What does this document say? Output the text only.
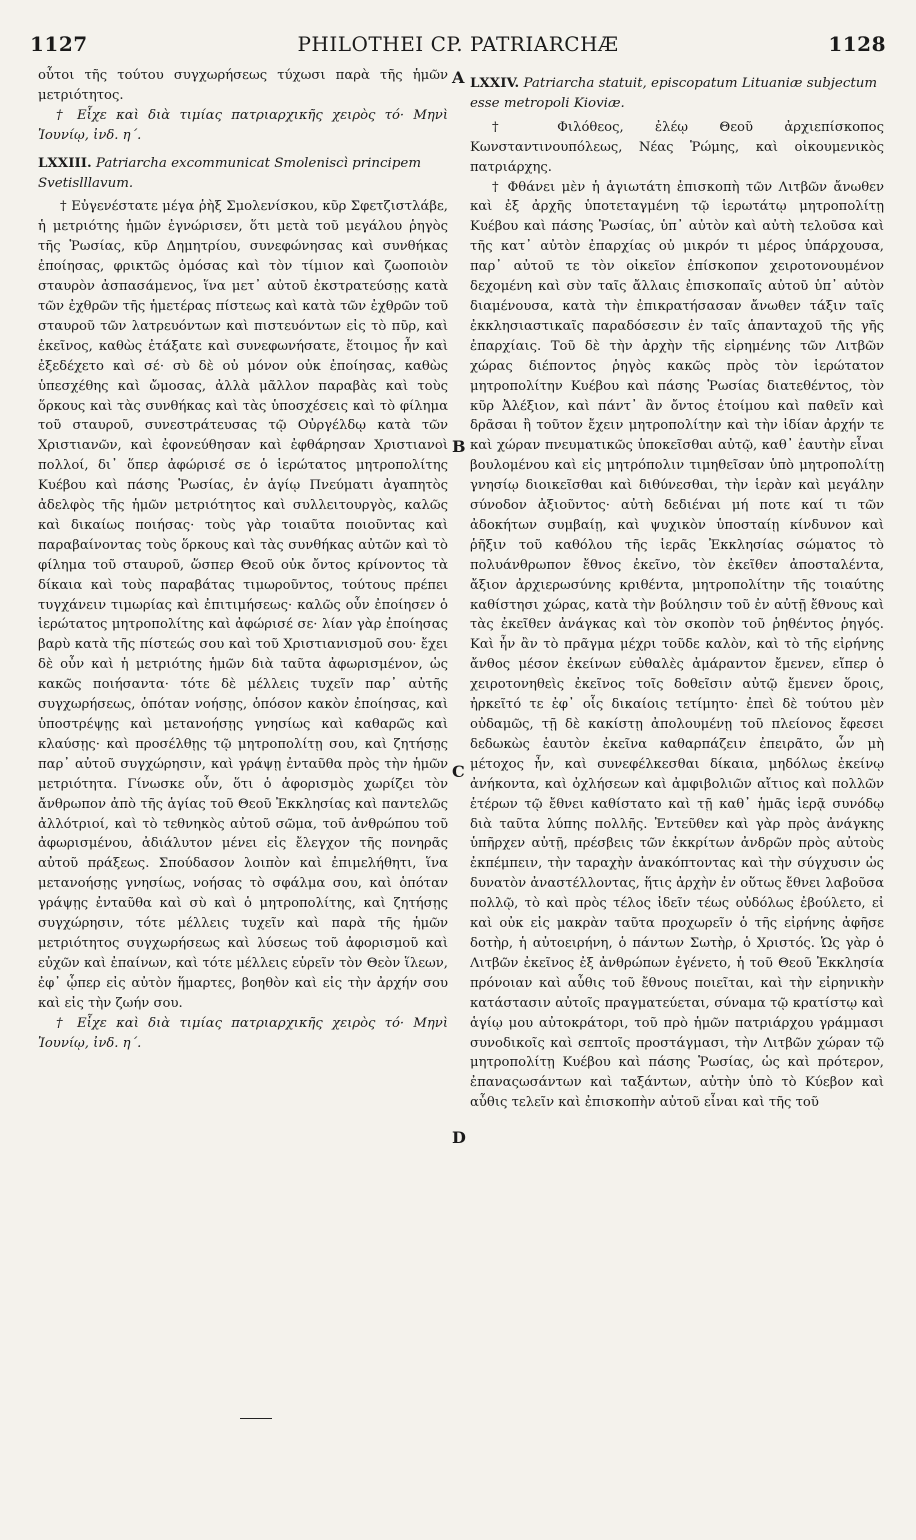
1127	PHILOTHEI CP. PATRIARCHÆ	1128

οὗτοι τῆς τούτου συγχωρήσεως τύχωσι παρὰ τῆς ἡμῶν μετριότητος.

† Εἶχε καὶ διὰ τιμίας πατριαρχικῆς χειρὸς τό· Μηνὶ Ἰουνίῳ, ἰνδ. η΄.

LXXIII. Patriarcha excommunicat Smoleniscì principem Svetislllavum.

† Εὐγενέστατε μέγα ῥὴξ Σμολενίσκου, κῦρ Σφετζιστλάβε, ἡ μετριότης ἡμῶν ἐγνώρισεν, ὅτι μετὰ τοῦ μεγάλου ῥηγὸς τῆς Ῥωσίας, κῦρ Δημητρίου, συνεφώνησας καὶ συνθήκας ἐποίησας, φρικτῶς ὀμόσας καὶ τὸν τίμιον καὶ ζωοποιὸν σταυρὸν ἀσπασάμενος, ἵνα μετ᾽ αὐτοῦ ἐκστρατεύσῃς κατὰ τῶν ἐχθρῶν τῆς ἡμετέρας πίστεως καὶ κατὰ τῶν ἐχθρῶν τοῦ σταυροῦ τῶν λατρευόντων καὶ πιστευόντων εἰς τὸ πῦρ, καὶ ἐκεῖνος, καθὼς ἐτάξατε καὶ συνεφωνήσατε, ἕτοιμος ἦν καὶ ἐξεδέχετο καὶ σέ· σὺ δὲ οὐ μόνον οὐκ ἐποίησας, καθὼς ὑπεσχέθης καὶ ὤμοσας, ἀλλὰ μᾶλλον παραβὰς καὶ τοὺς ὅρκους καὶ τὰς συνθήκας καὶ τὰς ὑποσχέσεις καὶ τὸ φίλημα τοῦ σταυροῦ, συνεστράτευσας τῷ Οὐργέλδῳ κατὰ τῶν Χριστιανῶν, καὶ ἐφονεύθησαν καὶ ἐφθάρησαν Χριστιανοὶ πολλοί, δι᾽ ὅπερ ἀφώρισέ σε ὁ ἱερώτατος μητροπολίτης Κυέβου καὶ πάσης Ῥωσίας, ἐν ἁγίῳ Πνεύματι ἀγαπητὸς ἀδελφὸς τῆς ἡμῶν μετριότητος καὶ συλλειτουργὸς, καλῶς καὶ δικαίως ποιήσας· τοὺς γὰρ τοιαῦτα ποιοῦντας καὶ παραβαίνοντας τοὺς ὅρκους καὶ τὰς συνθήκας αὐτῶν καὶ τὸ φίλημα τοῦ σταυροῦ, ὥσπερ Θεοῦ οὐκ ὄντος κρίνοντος τὰ δίκαια καὶ τοὺς παραβάτας τιμωροῦντος, τούτους πρέπει τυγχάνειν τιμωρίας καὶ ἐπιτιμήσεως· καλῶς οὖν ἐποίησεν ὁ ἱερώτατος μητροπολίτης καὶ ἀφώρισέ σε· λίαν γὰρ ἐποίησας βαρὺ κατὰ τῆς πίστεώς σου καὶ τοῦ Χριστιανισμοῦ σου· ἔχει δὲ οὖν καὶ ἡ μετριότης ἡμῶν διὰ ταῦτα ἀφωρισμένον, ὡς κακῶς ποιήσαντα· τότε δὲ μέλλεις τυχεῖν παρ᾽ αὐτῆς συγχωρήσεως, ὁπόταν νοήσῃς, ὁπόσον κακὸν ἐποίησας, καὶ ὑποστρέψῃς καὶ μετανοήσῃς γνησίως καὶ καθαρῶς καὶ κλαύσῃς· καὶ προσέλθῃς τῷ μητροπολίτῃ σου, καὶ ζητήσῃς παρ᾽ αὐτοῦ συγχώρησιν, καὶ γράψῃ ἐνταῦθα πρὸς τὴν ἡμῶν μετριότητα. Γίνωσκε οὖν, ὅτι ὁ ἀφορισμὸς χωρίζει τὸν ἄνθρωπον ἀπὸ τῆς ἁγίας τοῦ Θεοῦ Ἐκκλησίας καὶ παντελῶς ἀλλότριοί, καὶ τὸ τεθνηκὸς αὐτοῦ σῶμα, τοῦ ἀνθρώπου τοῦ ἀφωρισμένου, ἀδιάλυτον μένει εἰς ἔλεγχον τῆς πονηρᾶς αὐτοῦ πράξεως. Σπούδασον λοιπὸν καὶ ἐπιμελήθητι, ἵνα μετανοήσῃς γνησίως, νοήσας τὸ σφάλμα σου, καὶ ὁπόταν γράψῃς ἐνταῦθα καὶ σὺ καὶ ὁ μητροπολίτης, καὶ ζητήσῃς συγχώρησιν, τότε μέλλεις τυχεῖν καὶ παρὰ τῆς ἡμῶν μετριότητος συγχωρήσεως καὶ λύσεως τοῦ ἀφορισμοῦ καὶ εὐχῶν καὶ ἐπαίνων, καὶ τότε μέλλεις εὑρεῖν τὸν Θεὸν ἵλεων, ἐφ᾽ ᾧπερ εἰς αὐτὸν ἥμαρτες, βοηθὸν καὶ εἰς τὴν ἀρχήν σου καὶ εἰς τὴν ζωήν σου.

† Εἶχε καὶ διὰ τιμίας πατριαρχικῆς χειρὸς τό· Μηνὶ Ἰουνίῳ, ἰνδ. η΄.

LXXIV. Patriarcha statuit, episcopatum Lituaniæ subjectum esse metropoli Kioviæ.

† Φιλόθεος, ἐλέῳ Θεοῦ ἀρχιεπίσκοπος Κωνσταντινουπόλεως, Νέας Ῥώμης, καὶ οἰκουμενικὸς πατριάρχης.

† Φθάνει μὲν ἡ ἁγιωτάτη ἐπισκοπὴ τῶν Λιτβῶν ἄνωθεν καὶ ἐξ ἀρχῆς ὑποτεταγμένη τῷ ἱερωτάτῳ μητροπολίτῃ Κυέβου καὶ πάσης Ῥωσίας, ὑπ᾽ αὐτὸν καὶ αὐτὴ τελοῦσα καὶ τῆς κατ᾽ αὐτὸν ἐπαρχίας οὐ μικρόν τι μέρος ὑπάρχουσα, παρ᾽ αὐτοῦ τε τὸν οἰκεῖον ἐπίσκοπον χειροτονουμένον δεχομένη καὶ σὺν ταῖς ἄλλαις ἐπισκοπαῖς αὐτοῦ ὑπ᾽ αὐτὸν διαμένουσα, κατὰ τὴν ἐπικρατήσασαν ἄνωθεν τάξιν ταῖς ἐκκλησιαστικαῖς παραδόσεσιν ἐν ταῖς ἁπανταχοῦ τῆς γῆς ἐπαρχίαις. Τοῦ δὲ τὴν ἀρχὴν τῆς εἰρημένης τῶν Λιτβῶν χώρας διέποντος ῥηγὸς κακῶς πρὸς τὸν ἱερώτατον μητροπολίτην Κυέβου καὶ πάσης Ῥωσίας διατεθέντος, τὸν κῦρ Ἀλέξιον, καὶ πάντ᾽ ἂν ὄντος ἑτοίμου καὶ παθεῖν καὶ δρᾶσαι ἢ τοῦτον ἔχειν μητροπολίτην καὶ τὴν ἰδίαν ἀρχήν τε καὶ χώραν πνευματικῶς ὑποκεῖσθαι αὐτῷ, καθ᾽ ἑαυτὴν εἶναι βουλομένου καὶ εἰς μητρόπολιν τιμηθεῖσαν ὑπὸ μητροπολίτῃ γνησίῳ διοικεῖσθαι καὶ διθύνεσθαι, τὴν ἱερὰν καὶ μεγάλην σύνοδον ἀξιοῦντος· αὐτὴ δεδιέναι μή ποτε καί τι τῶν ἀδοκήτων συμβαίῃ, καὶ ψυχικὸν ὑποσταίῃ κίνδυνον καὶ ῥῆξιν τοῦ καθόλου τῆς ἱερᾶς Ἐκκλησίας σώματος τὸ πολυάνθρωπον ἔθνος ἐκεῖνο, τὸν ἐκεῖθεν ἀποσταλέντα, ἄξιον ἀρχιερωσύνης κριθέντα, μητροπολίτην τῆς τοιαύτης καθίστησι χώρας, κατὰ τὴν βούλησιν τοῦ ἐν αὐτῇ ἔθνους καὶ τὰς ἐκεῖθεν ἀνάγκας καὶ τὸν σκοπὸν τοῦ ῥηθέντος ῥηγός. Καὶ ἦν ἂν τὸ πρᾶγμα μέχρι τοῦδε καλὸν, καὶ τὸ τῆς εἰρήνης ἄνθος μέσον ἐκείνων εὐθαλὲς ἀμάραντον ἔμενεν, εἴπερ ὁ χειροτονηθεὶς ἐκεῖνος τοῖς δοθεῖσιν αὐτῷ ἔμενεν ὅροις, ἠρκεῖτό τε ἐφ᾽ οἷς δικαίοις τετίμητο· ἐπεὶ δὲ τούτου μὲν οὐδαμῶς, τῇ δὲ κακίστῃ ἀπολουμένῃ τοῦ πλείονος ἔφεσει δεδωκὼς ἑαυτὸν ἐκεῖνα καθαρπάζειν ἐπειρᾶτο, ὧν μὴ μέτοχος ἦν, καὶ συνεφέλκεσθαι δίκαια, μηδόλως ἐκείνῳ ἀνήκοντα, καὶ ὀχλήσεων καὶ ἀμφιβολιῶν αἴτιος καὶ πολλῶν ἑτέρων τῷ ἔθνει καθίστατο καὶ τῇ καθ᾽ ἡμᾶς ἱερᾷ συνόδῳ διὰ ταῦτα λύπης πολλῆς. Ἐντεῦθεν καὶ γὰρ πρὸς ἀνάγκης ὑπῆρχεν αὐτῇ, πρέσβεις τῶν ἐκκρίτων ἀνδρῶν πρὸς αὐτοὺς ἐκπέμπειν, τὴν ταραχὴν ἀνακόπτοντας καὶ τὴν σύγχυσιν ὡς δυνατὸν ἀναστέλλοντας, ἥτις ἀρχὴν ἐν οὕτως ἔθνει λαβοῦσα πολλῷ, τὸ καὶ πρὸς τέλος ἰδεῖν τέως οὐδόλως ἐβούλετο, εἰ καὶ οὐκ εἰς μακρὰν ταῦτα προχωρεῖν ὁ τῆς εἰρήνης ἀφῆσε δοτὴρ, ἡ αὐτοειρήνη, ὁ πάντων Σωτὴρ, ὁ Χριστός. Ὡς γὰρ ὁ Λιτβῶν ἐκεῖνος ἐξ ἀνθρώπων ἐγένετο, ἡ τοῦ Θεοῦ Ἐκκλησία πρόνοιαν καὶ αὖθις τοῦ ἔθνους ποιεῖται, καὶ τὴν εἰρηνικὴν κατάστασιν αὐτοῖς πραγματεύεται, σύναμα τῷ κρατίστῳ καὶ ἁγίῳ μου αὐτοκράτορι, τοῦ πρὸ ἡμῶν πατριάρχου γράμμασι συνοδικοῖς καὶ σεπτοῖς προστάγμασι, τὴν Λιτβῶν χώραν τῷ μητροπολίτῃ Κυέβου καὶ πάσης Ῥωσίας, ὡς καὶ πρότερον, ἐπαναςωσάντων καὶ ταξάντων, αὐτὴν ὑπὸ τὸ Κύεβον καὶ αὖθις τελεῖν καὶ ἐπισκοπὴν αὐτοῦ εἶναι καὶ τῆς τοῦ

A
B
C
D
